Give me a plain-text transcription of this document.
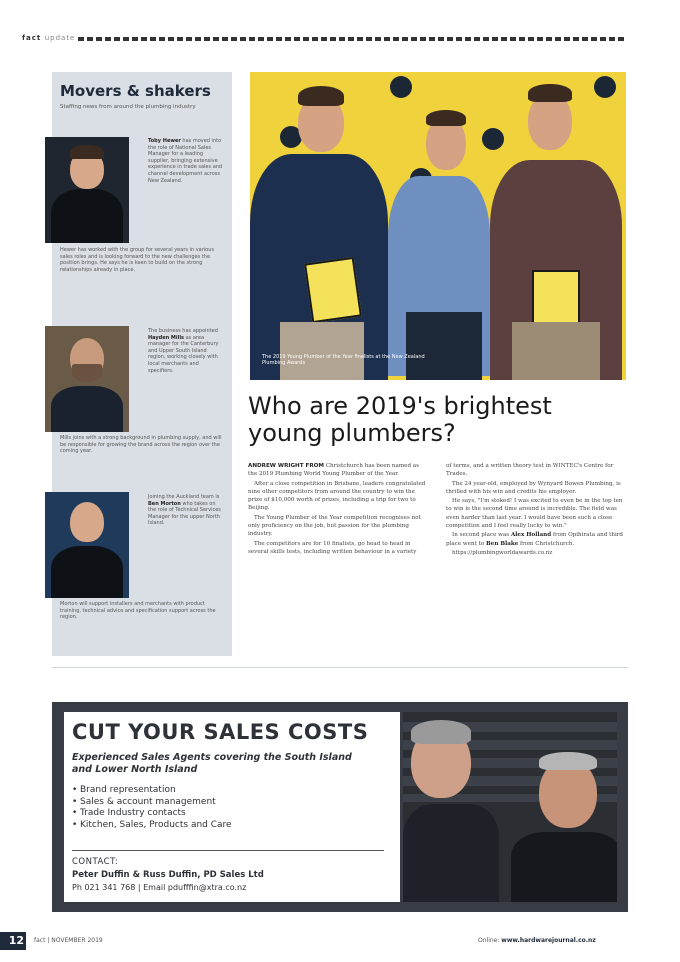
fact update
Movers & shakers
Staffing news from around the plumbing industry
Toby Hewer has moved into the role of National Sales Manager for a leading supplier, bringing extensive experience in trade sales and channel development across New Zealand.
Hewer has worked with the group for several years in various sales roles and is looking forward to the new challenges the position brings. He says he is keen to build on the strong relationships already in place.
The business has appointed Hayden Mills as area manager for the Canterbury and Upper South Island region, working closely with local merchants and specifiers.
Mills joins with a strong background in plumbing supply, and will be responsible for growing the brand across the region over the coming year.
Joining the Auckland team is Ben Morton who takes on the role of Technical Services Manager for the upper North Island.
Morton will support installers and merchants with product training, technical advice and specification support across the region.
The 2019 Young Plumber of the Year finalists at the New Zealand Plumbing Awards
Who are 2019's brightest young plumbers?

ANDREW WRIGHT FROM Christchurch has been named as the 2019 Plumbing World Young Plumber of the Year.

After a close competition in Brisbane, leaders congratulated nine other competitors from around the country to win the prize of $10,000 worth of prizes, including a trip for two to Beijing.

The Young Plumber of the Year competition recognises not only proficiency on the job, but passion for the plumbing industry.

The competitors are for 10 finalists, go head to head in several skills tests, including written behaviour in a variety

of terms, and a written theory test in WINTEC's Centre for Trades.

The 24 year-old, employed by Wynyard Bowen Plumbing, is thrilled with his win and credits his employer.

He says, "I'm stoked! I was excited to even be in the top ten to win is the second time around is incredible. The field was even harder than last year. I would have been such a close competition and I feel really lucky to win."

In second place was Alex Holland from Opihirata and third place went to Ben Blake from Christchurch.

https://plumbingworldawards.co.nz

CUT YOUR SALES COSTS
Experienced Sales Agents covering the South Island and Lower North Island
• Brand representation
• Sales & account management
• Trade Industry contacts
• Kitchen, Sales, Products and Care
CONTACT:
Peter Duffin & Russ Duffin, PD Sales Ltd
Ph 021 341 768 | Email pdufffin@xtra.co.nz
12	fact | NOVEMBER 2019	Online: www.hardwarejournal.co.nz
